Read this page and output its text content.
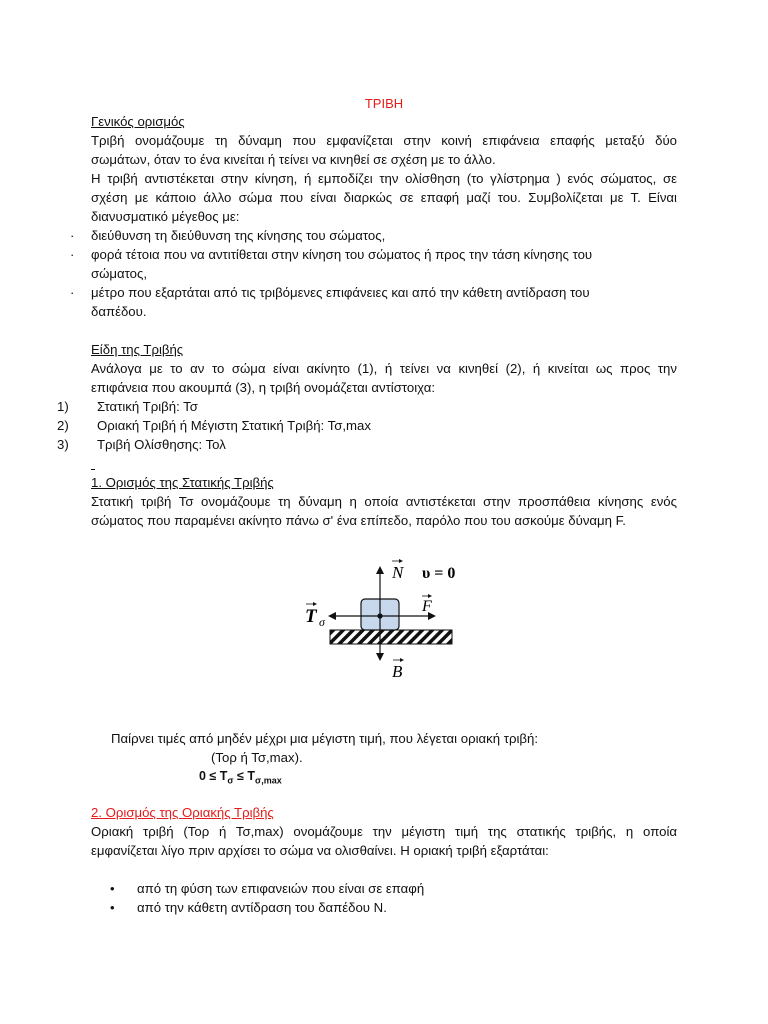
ΤΡΙΒΗ
Γενικός ορισμός
Τριβή ονομάζουμε τη δύναμη που εμφανίζεται στην κοινή επιφάνεια επαφής μεταξύ δύο
σωμάτων, όταν το ένα κινείται ή τείνει να κινηθεί σε σχέση με το άλλο.
Η τριβή αντιστέκεται στην κίνηση, ή εμποδίζει την ολίσθηση (το γλίστρημα ) ενός σώματος, σε
σχέση με κάποιο άλλο σώμα που είναι διαρκώς σε επαφή μαζί του. Συμβολίζεται με Τ. Είναι
διανυσματικό μέγεθος με:
· διεύθυνση τη διεύθυνση της κίνησης του σώματος,
· φορά τέτοια που να αντιτίθεται στην κίνηση του σώματος ή προς την τάση κίνησης του
σώματος,
· μέτρο που εξαρτάται από τις τριβόμενες επιφάνειες και από την κάθετη αντίδραση του
δαπέδου.
Είδη της Τριβής
Ανάλογα με το αν το σώμα είναι ακίνητο (1), ή τείνει να κινηθεί (2), ή κινείται ως προς την
επιφάνεια που ακουμπά (3), η τριβή ονομάζεται αντίστοιχα:
1) Στατική Τριβή: Τσ
2) Οριακή Τριβή ή Μέγιστη Στατική Τριβή: Τσ,max
3) Τριβή Ολίσθησης: Τολ
1. Ορισμός της Στατικής Τριβής
Στατική τριβή Τσ ονομάζουμε τη δύναμη η οποία αντιστέκεται στην προσπάθεια κίνησης ενός
σώματος που παραμένει ακίνητο πάνω σ' ένα επίπεδο, παρόλο που του ασκούμε δύναμη F.
N υ = 0
F
T σ
B
Παίρνει τιμές από μηδέν μέχρι μια μέγιστη τιμή, που λέγεται οριακή τριβή:
(Τορ ή Τσ,max).
$0 \le T_\sigma \le T_{\sigma,max}$
2. Ορισμός της Οριακής Τριβής
Οριακή τριβή (Τορ ή Τσ,max) ονομάζουμε την μέγιστη τιμή της στατικής τριβής, η οποία
εμφανίζεται λίγο πριν αρχίσει το σώμα να ολισθαίνει. Η οριακή τριβή εξαρτάται:
• από τη φύση των επιφανειών που είναι σε επαφή
• από την κάθετη αντίδραση του δαπέδου Ν.
